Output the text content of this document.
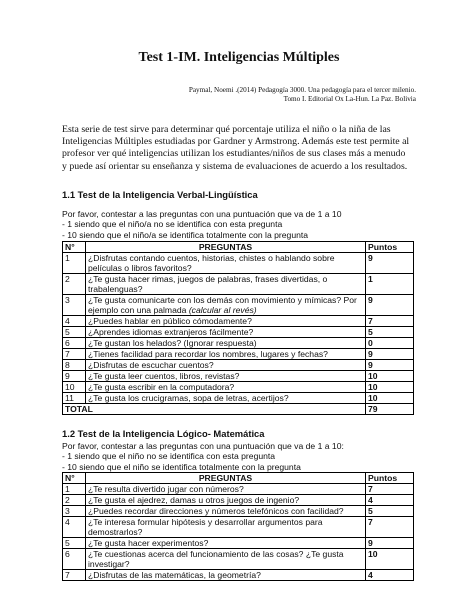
Test 1-IM. Inteligencias Múltiples
Paymal, Noemi .(2014) Pedagogía 3000. Una pedagogía para el tercer milenio.
Tomo I. Editorial Ox La-Hun. La Paz. Bolivia
Esta serie de test sirve para determinar qué porcentaje utiliza el niño o la niña de las Inteligencias Múltiples estudiadas por Gardner y Armstrong. Además este test permite al profesor ver qué inteligencias utilizan los estudiantes/niños de sus clases más a menudo y puede así orientar su enseñanza y sistema de evaluaciones de acuerdo a los resultados.
1.1 Test de la Inteligencia Verbal-Lingüística
Por favor, contestar a las preguntas con una puntuación que va de 1 a 10
- 1 siendo que el niño/a no se identifica con esta pregunta
- 10 siendo que el niño/a se identifica totalmente con la pregunta
N°	PREGUNTAS	Puntos
1	¿Disfrutas contando cuentos, historias, chistes o hablando sobre películas o libros favoritos?	9
2	¿Te gusta hacer rimas, juegos de palabras, frases divertidas, o trabalenguas?	1
3	¿Te gusta comunicarte con los demás con movimiento y mímicas? Por ejemplo con una palmada (calcular al revés)	9
4	¿Puedes hablar en público cómodamente?	7
5	¿Aprendes idiomas extranjeros fácilmente?	5
6	¿Te gustan los helados? (Ignorar respuesta)	0
7	¿Tienes facilidad para recordar los nombres, lugares y fechas?	9
8	¿Disfrutas de escuchar cuentos?	9
9	¿Te gusta leer cuentos, libros, revistas?	10
10	¿Te gusta escribir en la computadora?	10
11	¿Te gusta los crucigramas, sopa de letras, acertijos?	10
TOTAL		79
1.2 Test de la Inteligencia Lógico- Matemática
Por favor, contestar a las preguntas con una puntuación que va de 1 a 10:
- 1 siendo que el niño no se identifica con esta pregunta
- 10 siendo que el niño se identifica totalmente con la pregunta
N°	PREGUNTAS	Puntos
1	¿Te resulta divertido jugar con números?	7
2	¿Te gusta el ajedrez, damas u otros juegos de ingenio?	4
3	¿Puedes recordar direcciones y números telefónicos con facilidad?	5
4	¿Te interesa formular hipótesis y desarrollar argumentos para demostrarlos?	7
5	¿Te gusta hacer experimentos?	9
6	¿Te cuestionas acerca del funcionamiento de las cosas? ¿Te gusta investigar?	10
7	¿Disfrutas de las matemáticas, la geometría?	4
